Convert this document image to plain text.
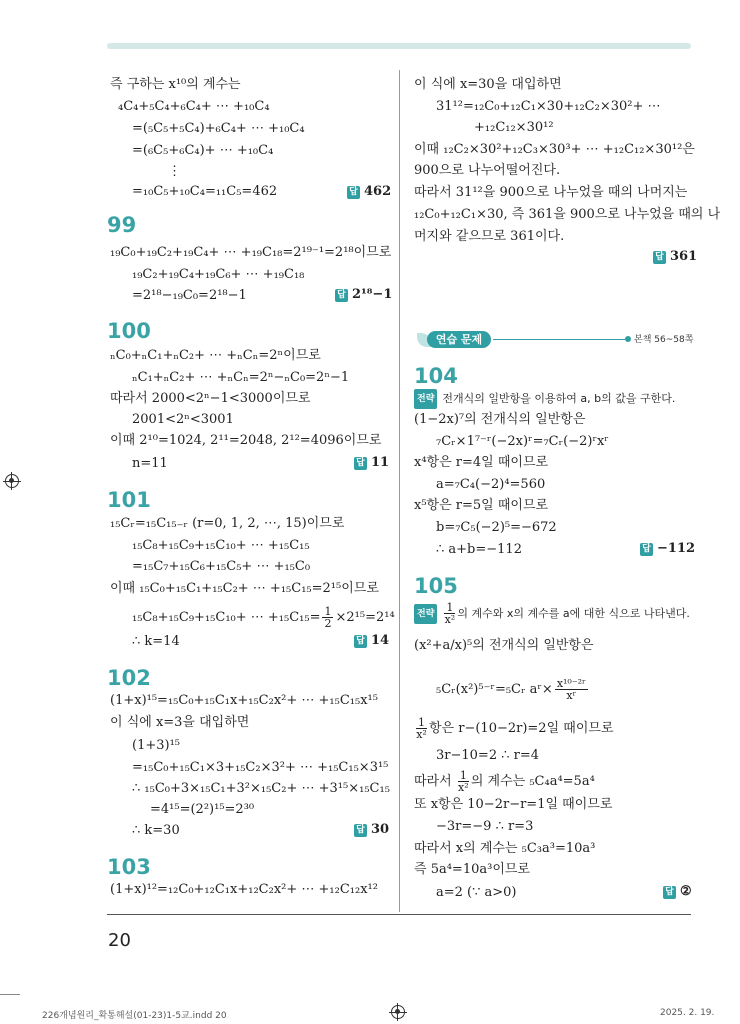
즉 구하는 x¹⁰의 계수는
₄C₄+₅C₄+₆C₄+ ⋯ +₁₀C₄
=(₅C₅+₅C₄)+₆C₄+ ⋯ +₁₀C₄
=(₆C₅+₆C₄)+ ⋯ +₁₀C₄
⋮
=₁₀C₅+₁₀C₄=₁₁C₅=462	답 462
99
₁₉C₀+₁₉C₂+₁₉C₄+ ⋯ +₁₉C₁₈=2¹⁹⁻¹=2¹⁸이므로
₁₉C₂+₁₉C₄+₁₉C₆+ ⋯ +₁₉C₁₈
=2¹⁸−₁₉C₀=2¹⁸−1	답 2¹⁸−1
100
ₙC₀+ₙC₁+ₙC₂+ ⋯ +ₙCₙ=2ⁿ이므로
ₙC₁+ₙC₂+ ⋯ +ₙCₙ=2ⁿ−ₙC₀=2ⁿ−1
따라서 2000<2ⁿ−1<3000이므로
2001<2ⁿ<3001
이때 2¹⁰=1024, 2¹¹=2048, 2¹²=4096이므로
n=11	답 11
101
₁₅Cᵣ=₁₅C₁₅₋ᵣ (r=0, 1, 2, ⋯, 15)이므로
₁₅C₈+₁₅C₉+₁₅C₁₀+ ⋯ +₁₅C₁₅
=₁₅C₇+₁₅C₆+₁₅C₅+ ⋯ +₁₅C₀
이때 ₁₅C₀+₁₅C₁+₁₅C₂+ ⋯ +₁₅C₁₅=2¹⁵이므로
₁₅C₈+₁₅C₉+₁₅C₁₀+ ⋯ $+_{15}C_{15}= \frac{1}{2} \times 2^{15}=2^{14}$
∴ k=14	답 14
102
(1+x)¹⁵=₁₅C₀+₁₅C₁x+₁₅C₂x²+ ⋯ +₁₅C₁₅x¹⁵
이 식에 x=3을 대입하면
(1+3)¹⁵
=₁₅C₀+₁₅C₁×3+₁₅C₂×3²+ ⋯ +₁₅C₁₅×3¹⁵
∴ ₁₅C₀+3×₁₅C₁+3²×₁₅C₂+ ⋯ +3¹⁵×₁₅C₁₅
=4¹⁵=(2²)¹⁵=2³⁰
∴ k=30	답 30
103
(1+x)¹²=₁₂C₀+₁₂C₁x+₁₂C₂x²+ ⋯ +₁₂C₁₂x¹²
이 식에 x=30을 대입하면
31¹²=₁₂C₀+₁₂C₁×30+₁₂C₂×30²+ ⋯
+₁₂C₁₂×30¹²
이때 ₁₂C₂×30²+₁₂C₃×30³+ ⋯ +₁₂C₁₂×30¹²은
900으로 나누어떨어진다.
따라서 31¹²을 900으로 나누었을 때의 나머지는
₁₂C₀+₁₂C₁×30, 즉 361을 900으로 나누었을 때의 나
머지와 같으므로 361이다.
답 361
연습 문제	본책 56~58쪽
104
전략 전개식의 일반항을 이용하여 a, b의 값을 구한다.
(1−2x)⁷의 전개식의 일반항은
₇Cᵣ×1⁷⁻ʳ(−2x)ʳ=₇Cᵣ(−2)ʳxʳ
x⁴항은 r=4일 때이므로
a=₇C₄(−2)⁴=560
x⁵항은 r=5일 때이므로
b=₇C₅(−2)⁵=−672
∴ a+b=−112	답 −112
105
전략 $\frac{1}{\text{x²}}$ 의 계수와 x의 계수를 a에 대한 식으로 나타낸다.
(x²+a/x)⁵의 전개식의 일반항은
₅Cᵣ(x²)⁵⁻ʳ=₅Cᵣ aʳ× $\frac{\text{x¹⁰⁻²ʳ}}{\text{xʳ}}$
$\frac{1}{\text{x²}}$ 항은 r−(10−2r)=2일 때이므로
3r−10=2 ∴ r=4
따라서 $\frac{1}{\text{x²}}$ 의 계수는 ₅C₄a⁴=5a⁴
또 x항은 10−2r−r=1일 때이므로
−3r=−9 ∴ r=3
따라서 x의 계수는 ₅C₃a³=10a³
즉 5a⁴=10a³이므로
a=2 (∵ a>0)	답 ②
20
226개념원리_확통해설(01-23)1-5교.indd 20	2025. 2. 19.
